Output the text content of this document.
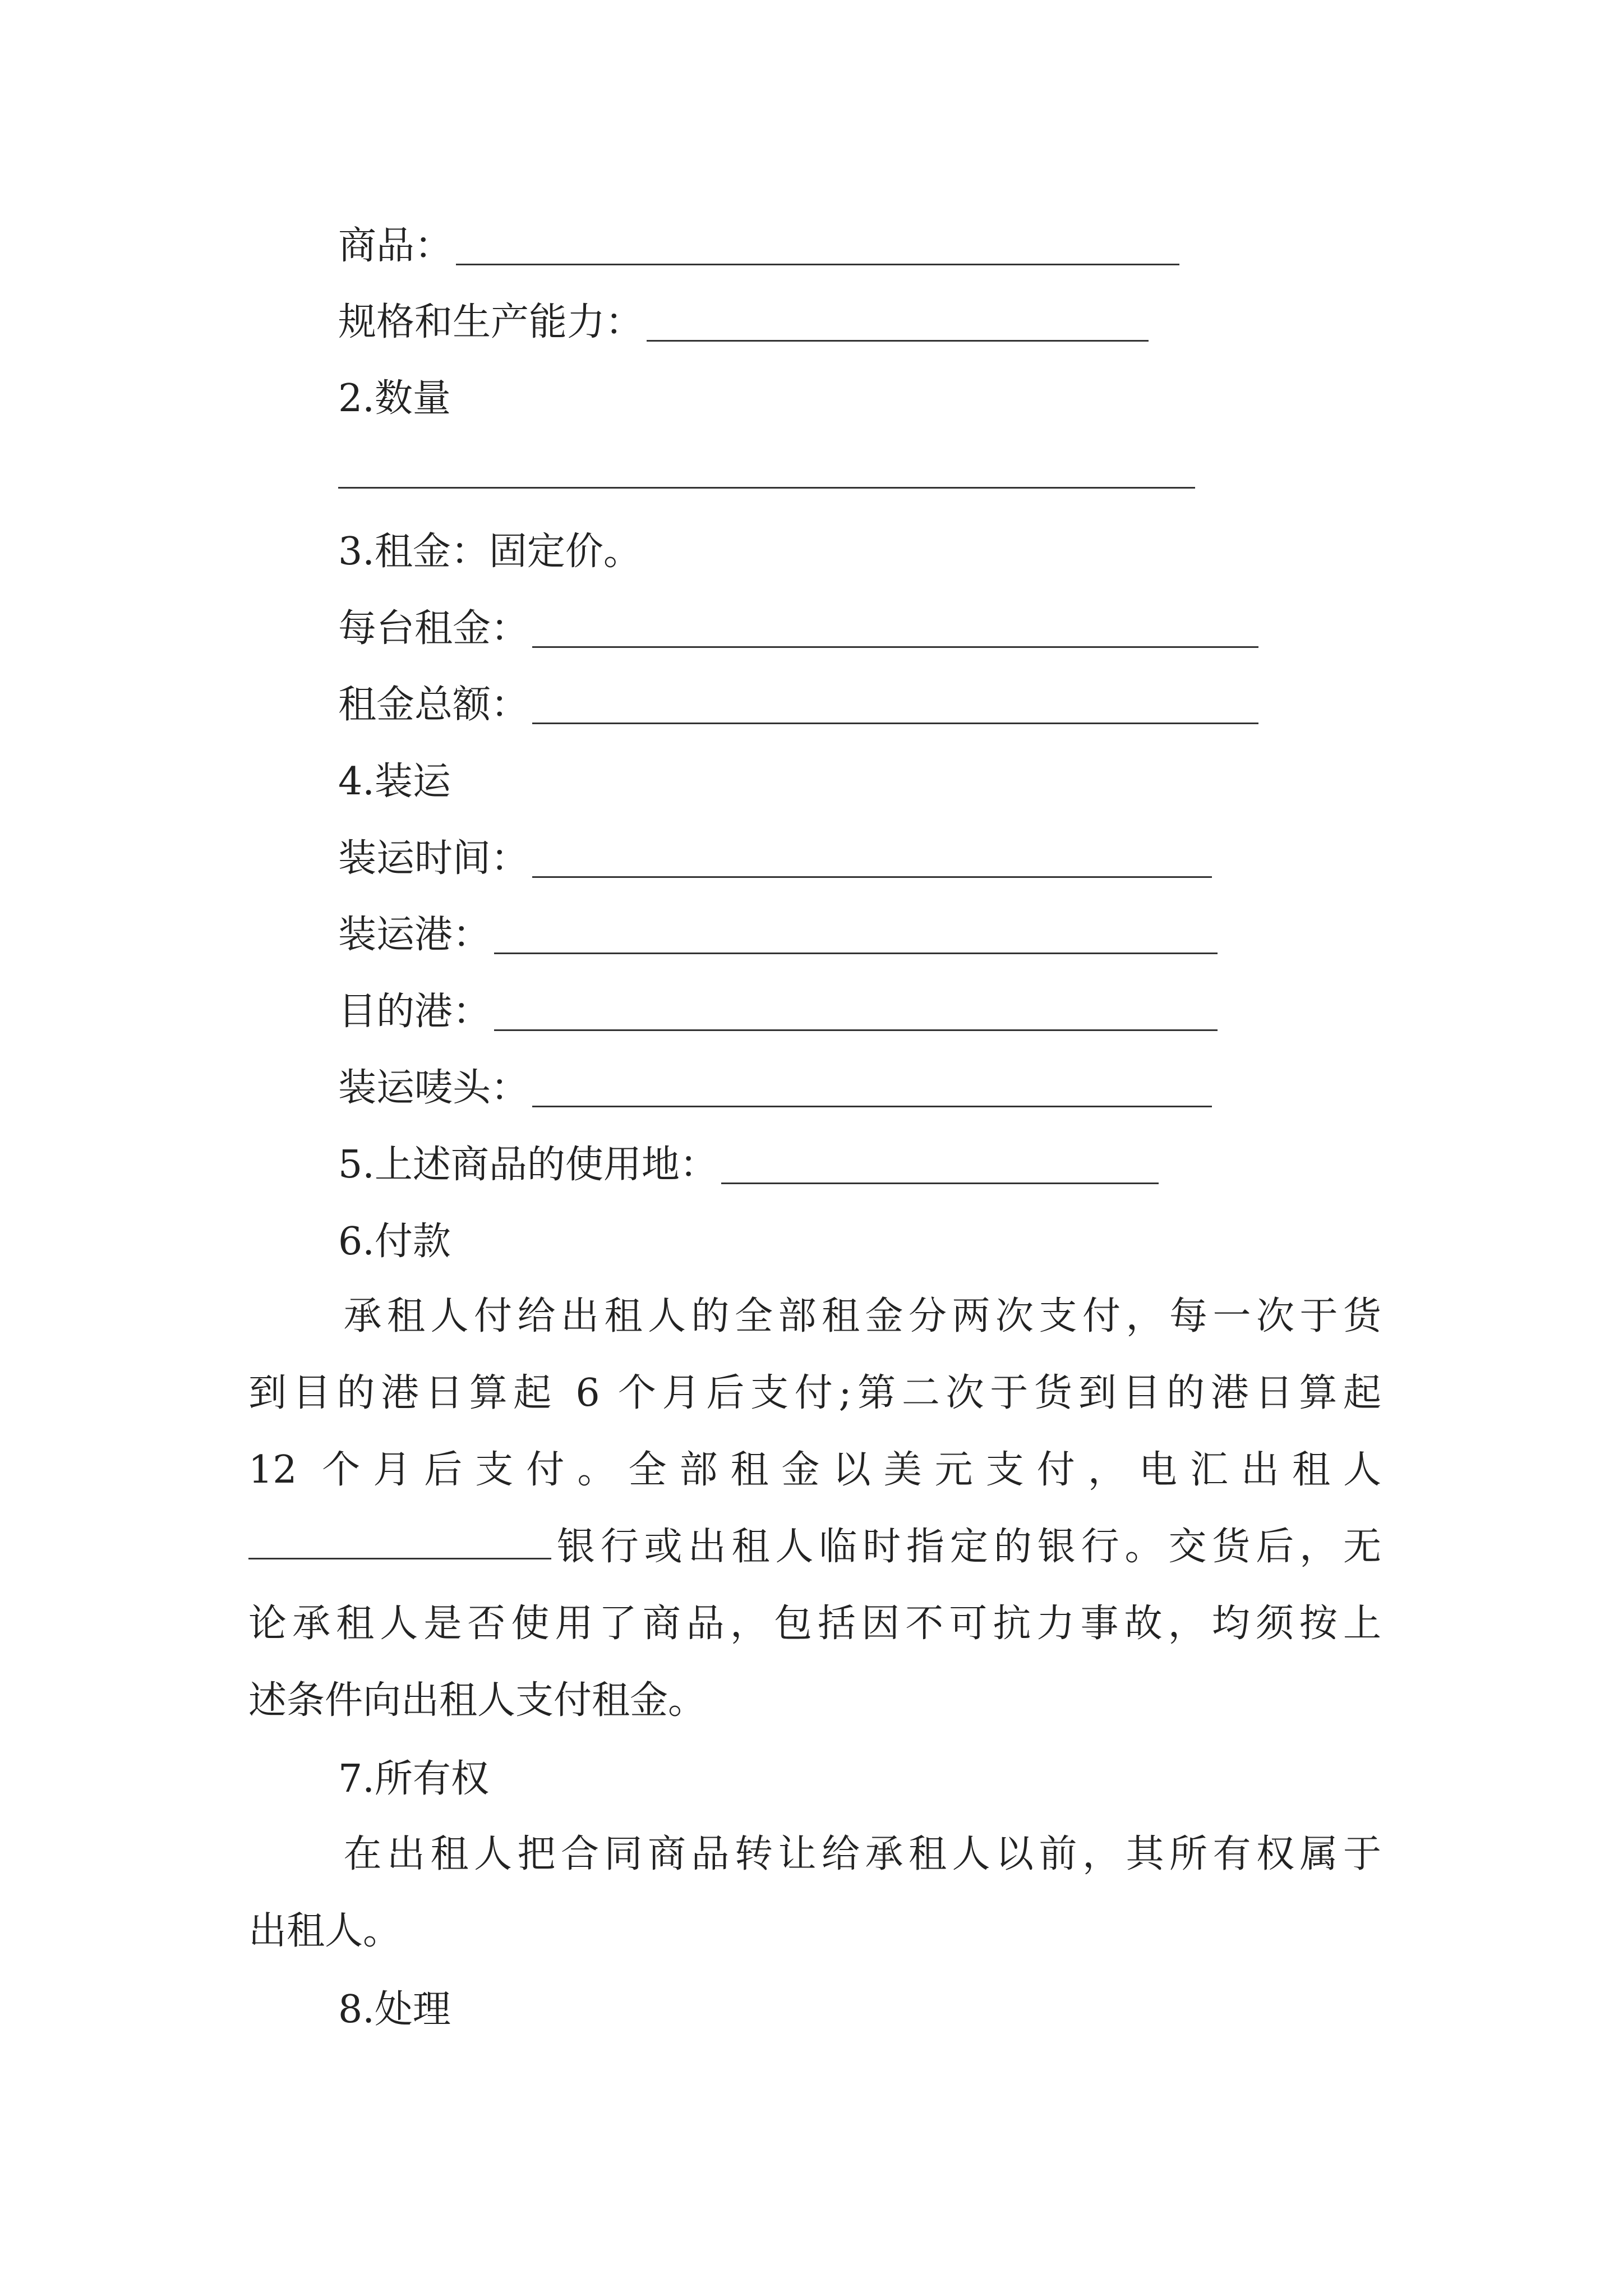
商品：
规格和生产能力：
2.数量
3.租金：固定价。
每台租金：
租金总额：
4.装运
装运时间：
装运港：
目的港：
装运唛头：
5.上述商品的使用地：
6.付款
承租人付给出租人的全部租金分两次支付，每一次于货
到目的港日算起 6 个月后支付;第二次于货到目的港日算起
12 个月后支付。全部租金以美元支付，电汇出租人
银行或出租人临时指定的银行。交货后，无
论承租人是否使用了商品，包括因不可抗力事故，均须按上
述条件向出租人支付租金。
7.所有权
在出租人把合同商品转让给承租人以前，其所有权属于
出租人。
8.处理
